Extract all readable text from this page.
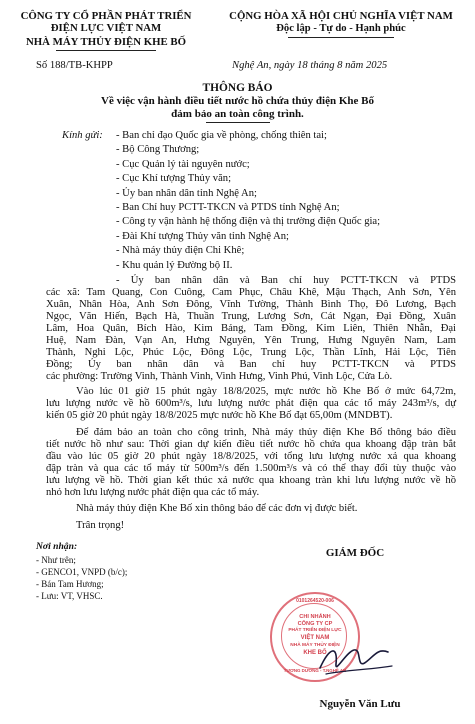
CÔNG TY CỔ PHẦN PHÁT TRIỂN
ĐIỆN LỰC VIỆT NAM
NHÀ MÁY THỦY ĐIỆN KHE BỐ
CỘNG HÒA XÃ HỘI CHỦ NGHĨA VIỆT NAM
Độc lập - Tự do - Hạnh phúc
Số 188/TB-KHPP	Nghệ An, ngày 18 tháng 8 năm 2025
THÔNG BÁO
Về việc vận hành điều tiết nước hồ chứa thủy điện Khe Bố
đảm bảo an toàn công trình.
Kính gửi: - Ban chỉ đạo Quốc gia về phòng, chống thiên tai;
- Bộ Công Thương;
- Cục Quản lý tài nguyên nước;
- Cục Khí tượng Thủy văn;
- Ủy ban nhân dân tỉnh Nghệ An;
- Ban Chỉ huy PCTT-TKCN và PTDS tỉnh Nghệ An;
- Công ty vận hành hệ thống điện và thị trường điện Quốc gia;
- Đài Khí tượng Thủy văn tỉnh Nghệ An;
- Nhà máy thủy điện Chi Khê;
- Khu quản lý Đường bộ II.
- Ủy ban nhân dân và Ban chỉ huy PCTT-TKCN và PTDS
các xã: Tam Quang, Con Cuông, Cam Phục, Châu Khê, Mậu Thạch, Anh Sơn, Yên
Xuân, Nhân Hòa, Anh Sơn Đông, Vĩnh Tường, Thành Bình Thọ, Đô Lương, Bạch
Ngọc, Văn Hiến, Bạch Hà, Thuần Trung, Lương Sơn, Cát Ngạn, Đại Đồng, Xuân
Lâm, Hoa Quân, Bích Hào, Kim Bảng, Tam Đồng, Kim Liên, Thiên Nhẫn, Đại
Huệ, Nam Đàn, Vạn An, Hưng Nguyên, Yên Trung, Hưng Nguyên Nam, Lam
Thành, Nghi Lộc, Phúc Lộc, Đông Lộc, Trung Lộc, Thần Lĩnh, Hải Lộc, Tiên
Đồng; Ủy ban nhân dân và Ban chỉ huy PCTT-TKCN và PTDS
các phường: Trường Vinh, Thành Vinh, Vinh Hưng, Vinh Phú, Vinh Lộc, Cửa Lò.
Vào lúc 01 giờ 15 phút ngày 18/8/2025, mực nước hồ Khe Bố ở mức 64,72m,
lưu lượng nước về hồ 600m³/s, lưu lượng nước phát điện qua các tổ máy 243m³/s, dự
kiến 05 giờ 20 phút ngày 18/8/2025 mực nước hồ Khe Bố đạt 65,00m (MNDBT).
Để đảm bảo an toàn cho công trình, Nhà máy thủy điện Khe Bố thông báo điều
tiết nước hồ như sau: Thời gian dự kiến điều tiết nước hồ chứa qua khoang đập tràn bắt
đầu vào lúc 05 giờ 20 phút ngày 18/8/2025, với tổng lưu lượng nước xả qua khoang
đập tràn và qua các tổ máy từ 500m³/s đến 1.500m³/s và có thể thay đổi tùy thuộc vào
lưu lượng về hồ. Thời gian kết thúc xả nước qua khoang tràn khi lưu lượng nước về hồ
nhỏ hơn lưu lượng nước phát điện qua các tổ máy.
Nhà máy thủy điện Khe Bố xin thông báo để các đơn vị được biết.
Trân trọng!
Nơi nhận:
- Như trên;
- GENCO1, VNPD (b/c);
- Bán Tam Hương;
- Lưu: VT, VHSC.
GIÁM ĐỐC
0101264520-006
CHI NHÁNH
CÔNG TY CP
PHÁT TRIỂN ĐIỆN LỰC
VIỆT NAM
NHÀ MÁY THỦY ĐIỆN
KHE BỐ
TƯƠNG DƯƠNG - T.NGHỆ AN
Nguyễn Văn Lưu
